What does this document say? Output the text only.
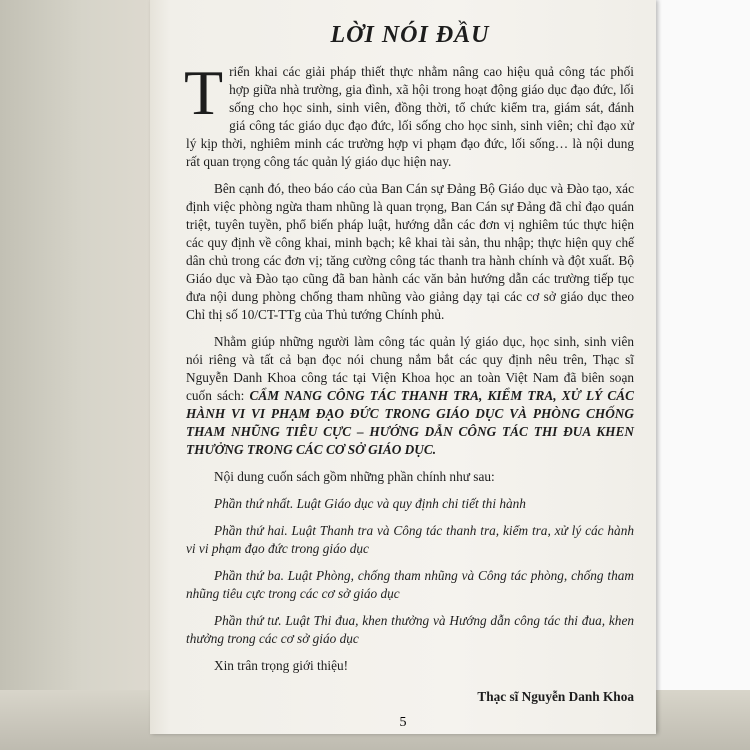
LỜI NÓI ĐẦU

Triển khai các giải pháp thiết thực nhằm nâng cao hiệu quả công tác phối hợp giữa nhà trường, gia đình, xã hội trong hoạt động giáo dục đạo đức, lối sống cho học sinh, sinh viên, đồng thời, tổ chức kiểm tra, giám sát, đánh giá công tác giáo dục đạo đức, lối sống cho học sinh, sinh viên; chỉ đạo xử lý kịp thời, nghiêm minh các trường hợp vi phạm đạo đức, lối sống… là nội dung rất quan trọng công tác quản lý giáo dục hiện nay.

Bên cạnh đó, theo báo cáo của Ban Cán sự Đảng Bộ Giáo dục và Đào tạo, xác định việc phòng ngừa tham nhũng là quan trọng, Ban Cán sự Đảng đã chỉ đạo quán triệt, tuyên tuyền, phổ biến pháp luật, hướng dẫn các đơn vị nghiêm túc thực hiện các quy định về công khai, minh bạch; kê khai tài sản, thu nhập; thực hiện quy chế dân chủ trong các đơn vị; tăng cường công tác thanh tra hành chính và đột xuất. Bộ Giáo dục và Đào tạo cũng đã ban hành các văn bản hướng dẫn các trường tiếp tục đưa nội dung phòng chống tham nhũng vào giảng dạy tại các cơ sở giáo dục theo Chỉ thị số 10/CT-TTg của Thủ tướng Chính phủ.

Nhằm giúp những người làm công tác quản lý giáo dục, học sinh, sinh viên nói riêng và tất cả bạn đọc nói chung nắm bắt các quy định nêu trên, Thạc sĩ Nguyễn Danh Khoa công tác tại Viện Khoa học an toàn Việt Nam đã biên soạn cuốn sách: CẨM NANG CÔNG TÁC THANH TRA, KIỂM TRA, XỬ LÝ CÁC HÀNH VI VI PHẠM ĐẠO ĐỨC TRONG GIÁO DỤC VÀ PHÒNG CHỐNG THAM NHŨNG TIÊU CỰC – HƯỚNG DẪN CÔNG TÁC THI ĐUA KHEN THƯỞNG TRONG CÁC CƠ SỞ GIÁO DỤC.

Nội dung cuốn sách gồm những phần chính như sau:

Phần thứ nhất. Luật Giáo dục và quy định chi tiết thi hành

Phần thứ hai. Luật Thanh tra và Công tác thanh tra, kiểm tra, xử lý các hành vi vi phạm đạo đức trong giáo dục

Phần thứ ba. Luật Phòng, chống tham nhũng và Công tác phòng, chống tham nhũng tiêu cực trong các cơ sở giáo dục

Phần thứ tư. Luật Thi đua, khen thưởng và Hướng dẫn công tác thi đua, khen thưởng trong các cơ sở giáo dục

Xin trân trọng giới thiệu!

Thạc sĩ Nguyễn Danh Khoa
5
